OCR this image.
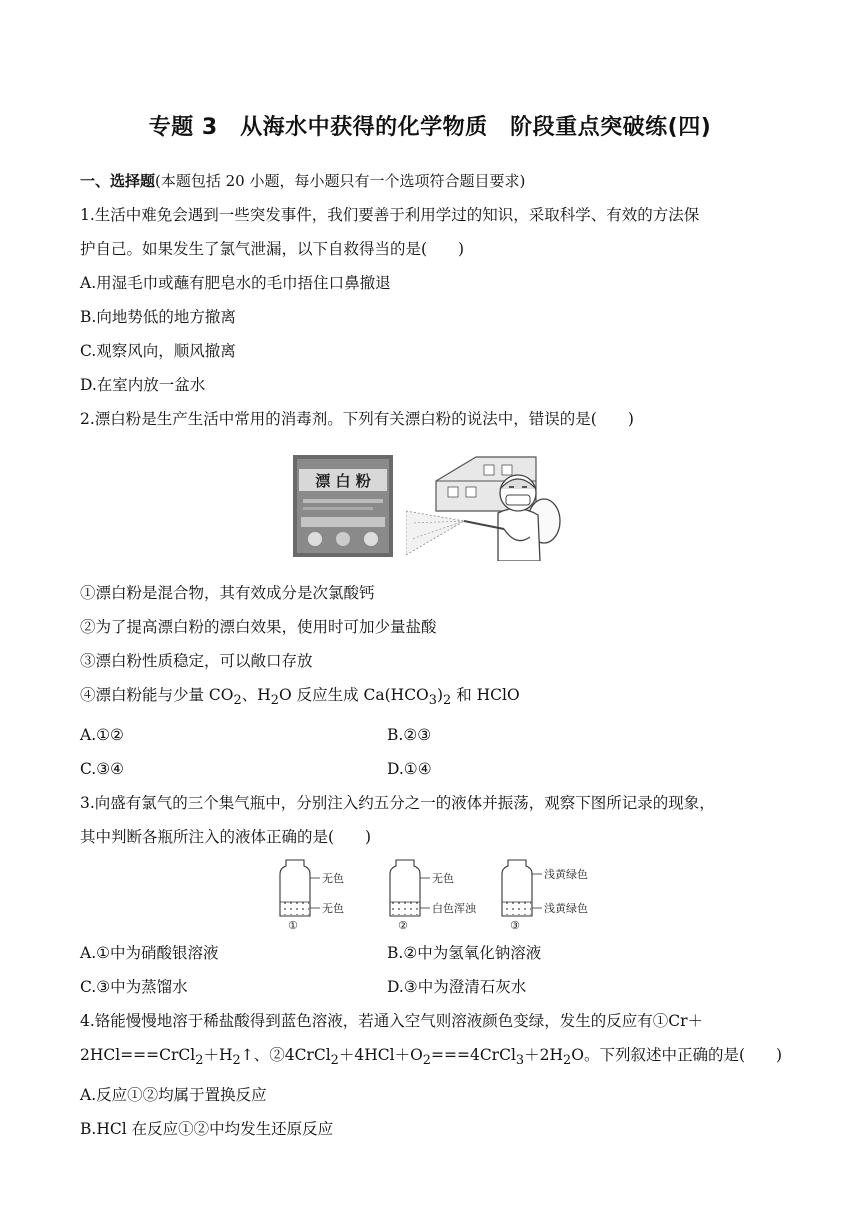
专题 3　从海水中获得的化学物质　阶段重点突破练(四)
一、选择题(本题包括 20 小题，每小题只有一个选项符合题目要求)
1.生活中难免会遇到一些突发事件，我们要善于利用学过的知识，采取科学、有效的方法保
护自己。如果发生了氯气泄漏，以下自救得当的是(　　)
A.用湿毛巾或蘸有肥皂水的毛巾捂住口鼻撤退
B.向地势低的地方撤离
C.观察风向，顺风撤离
D.在室内放一盆水
2.漂白粉是生产生活中常用的消毒剂。下列有关漂白粉的说法中，错误的是(　　)
漂 白 粉
①漂白粉是混合物，其有效成分是次氯酸钙
②为了提高漂白粉的漂白效果，使用时可加少量盐酸
③漂白粉性质稳定，可以敞口存放
④漂白粉能与少量 $CO_2$、$H_2O$ 反应生成 $Ca(HCO_3)_2$ 和 HClO
A.①②	B.②③
C.③④	D.①④
3.向盛有氯气的三个集气瓶中，分别注入约五分之一的液体并振荡，观察下图所记录的现象，
其中判断各瓶所注入的液体正确的是(　　)
无色
无色
①
无色
白色浑浊
②
浅黄绿色
浅黄绿色
③
A.①中为硝酸银溶液	B.②中为氢氧化钠溶液
C.③中为蒸馏水	D.③中为澄清石灰水
4.铬能慢慢地溶于稀盐酸得到蓝色溶液，若通入空气则溶液颜色变绿，发生的反应有①Cr＋
$2HCl===CrCl_2+H_2↑$、$②4CrCl_2+4HCl+O_2===4CrCl_3+2H_2O$。下列叙述中正确的是(　　)
A.反应①②均属于置换反应
B.HCl 在反应①②中均发生还原反应
